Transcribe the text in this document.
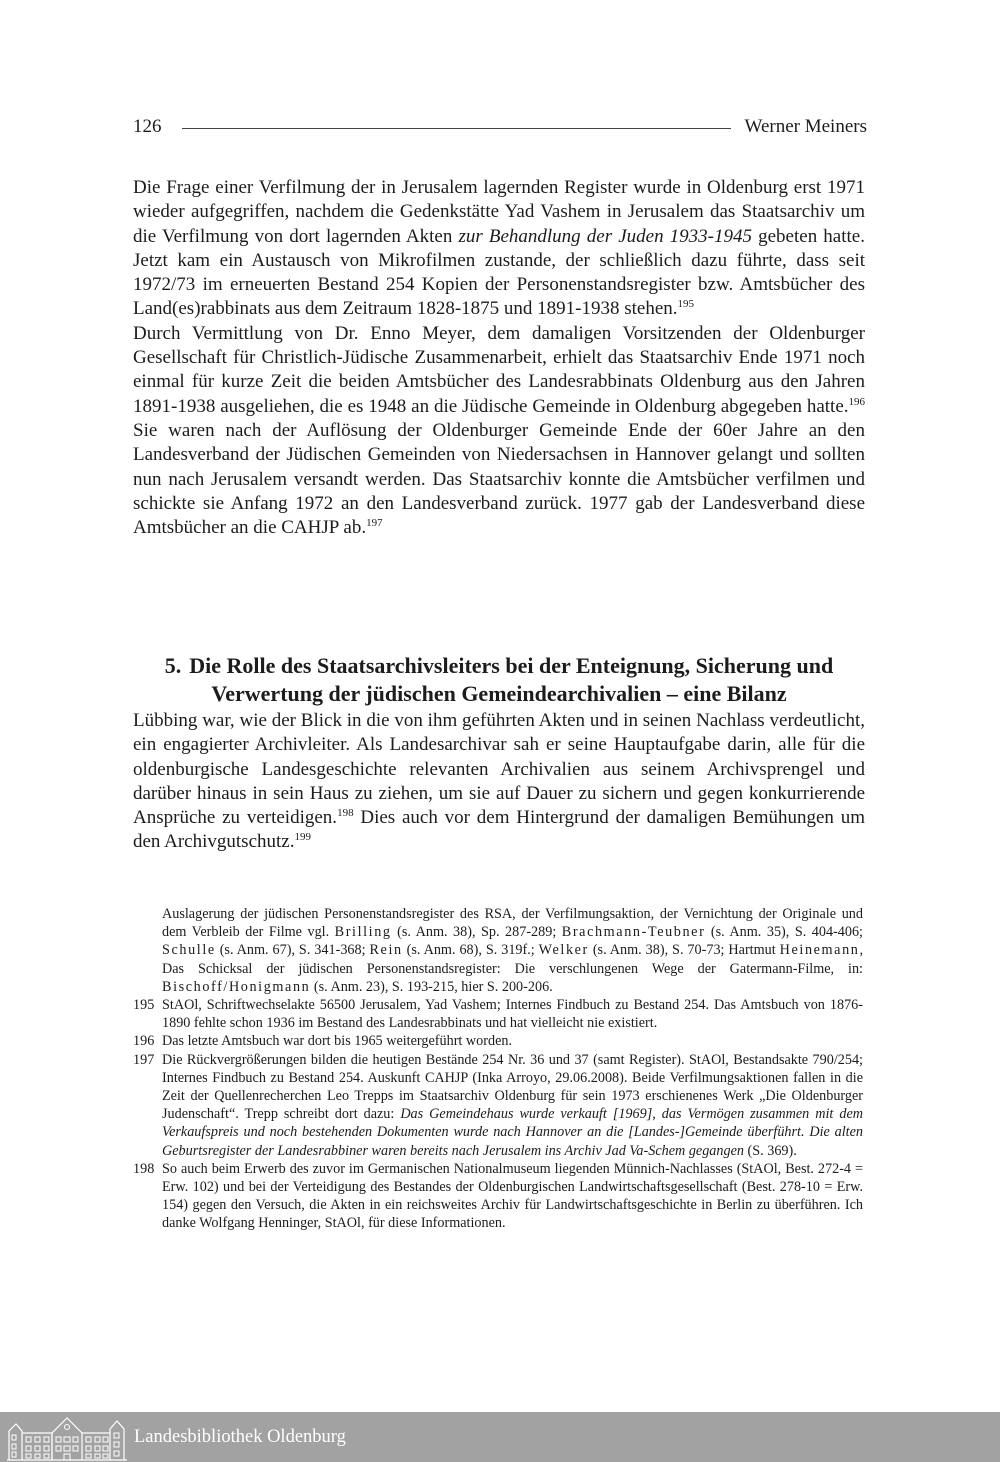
126	Werner Meiners

Die Frage einer Verfilmung der in Jerusalem lagernden Register wurde in Oldenburg erst 1971 wieder aufgegriffen, nachdem die Gedenkstätte Yad Vashem in Jerusalem das Staatsarchiv um die Verfilmung von dort lagernden Akten zur Behandlung der Juden 1933-1945 gebeten hatte. Jetzt kam ein Austausch von Mikrofilmen zustande, der schließlich dazu führte, dass seit 1972/73 im erneuerten Bestand 254 Kopien der Personenstandsregister bzw. Amtsbücher des Land(es)rabbinats aus dem Zeitraum 1828-1875 und 1891-1938 stehen.$^{195}$

Durch Vermittlung von Dr. Enno Meyer, dem damaligen Vorsitzenden der Oldenburger Gesellschaft für Christlich-Jüdische Zusammenarbeit, erhielt das Staatsarchiv Ende 1971 noch einmal für kurze Zeit die beiden Amtsbücher des Landesrabbinats Oldenburg aus den Jahren 1891-1938 ausgeliehen, die es 1948 an die Jüdische Gemeinde in Oldenburg abgegeben hatte.$^{196}$ Sie waren nach der Auflösung der Oldenburger Gemeinde Ende der 60er Jahre an den Landesverband der Jüdischen Gemeinden von Niedersachsen in Hannover gelangt und sollten nun nach Jerusalem versandt werden. Das Staatsarchiv konnte die Amtsbücher verfilmen und schickte sie Anfang 1972 an den Landesverband zurück. 1977 gab der Landesverband diese Amtsbücher an die CAHJP ab.$^{197}$

5. Die Rolle des Staatsarchivsleiters bei der Enteignung, Sicherung und Verwertung der jüdischen Gemeindearchivalien – eine Bilanz

Lübbing war, wie der Blick in die von ihm geführten Akten und in seinen Nachlass verdeutlicht, ein engagierter Archivleiter. Als Landesarchivar sah er seine Hauptaufgabe darin, alle für die oldenburgische Landesgeschichte relevanten Archivalien aus seinem Archivsprengel und darüber hinaus in sein Haus zu ziehen, um sie auf Dauer zu sichern und gegen konkurrierende Ansprüche zu verteidigen.$^{198}$ Dies auch vor dem Hintergrund der damaligen Bemühungen um den Archivgutschutz.$^{199}$

Auslagerung der jüdischen Personenstandsregister des RSA, der Verfilmungsaktion, der Vernichtung der Originale und dem Verbleib der Filme vgl. Brilling (s. Anm. 38), Sp. 287-289; Brachmann-Teubner (s. Anm. 35), S. 404-406; Schulle (s. Anm. 67), S. 341-368; Rein (s. Anm. 68), S. 319f.; Welker (s. Anm. 38), S. 70-73; Hartmut Heinemann, Das Schicksal der jüdischen Personenstandsregister: Die verschlungenen Wege der Gatermann-Filme, in: Bischoff/Honigmann (s. Anm. 23), S. 193-215, hier S. 200-206.
195 StAOl, Schriftwechselakte 56500 Jerusalem, Yad Vashem; Internes Findbuch zu Bestand 254. Das Amtsbuch von 1876-1890 fehlte schon 1936 im Bestand des Landesrabbinats und hat vielleicht nie existiert.
196 Das letzte Amtsbuch war dort bis 1965 weitergeführt worden.
197 Die Rückvergrößerungen bilden die heutigen Bestände 254 Nr. 36 und 37 (samt Register). StAOl, Bestandsakte 790/254; Internes Findbuch zu Bestand 254. Auskunft CAHJP (Inka Arroyo, 29.06.2008). Beide Verfilmungsaktionen fallen in die Zeit der Quellenrecherchen Leo Trepps im Staatsarchiv Oldenburg für sein 1973 erschienenes Werk „Die Oldenburger Judenschaft“. Trepp schreibt dort dazu: Das Gemeindehaus wurde verkauft [1969], das Vermögen zusammen mit dem Verkaufspreis und noch bestehenden Dokumenten wurde nach Hannover an die [Landes-]Gemeinde überführt. Die alten Geburtsregister der Landesrabbiner waren bereits nach Jerusalem ins Archiv Jad Va-Schem gegangen (S. 369).
198 So auch beim Erwerb des zuvor im Germanischen Nationalmuseum liegenden Münnich-Nachlasses (StAOl, Best. 272-4 = Erw. 102) und bei der Verteidigung des Bestandes der Oldenburgischen Landwirtschaftsgesellschaft (Best. 278-10 = Erw. 154) gegen den Versuch, die Akten in ein reichsweites Archiv für Landwirtschaftsgeschichte in Berlin zu überführen. Ich danke Wolfgang Henninger, StAOl, für diese Informationen.
Landesbibliothek Oldenburg
